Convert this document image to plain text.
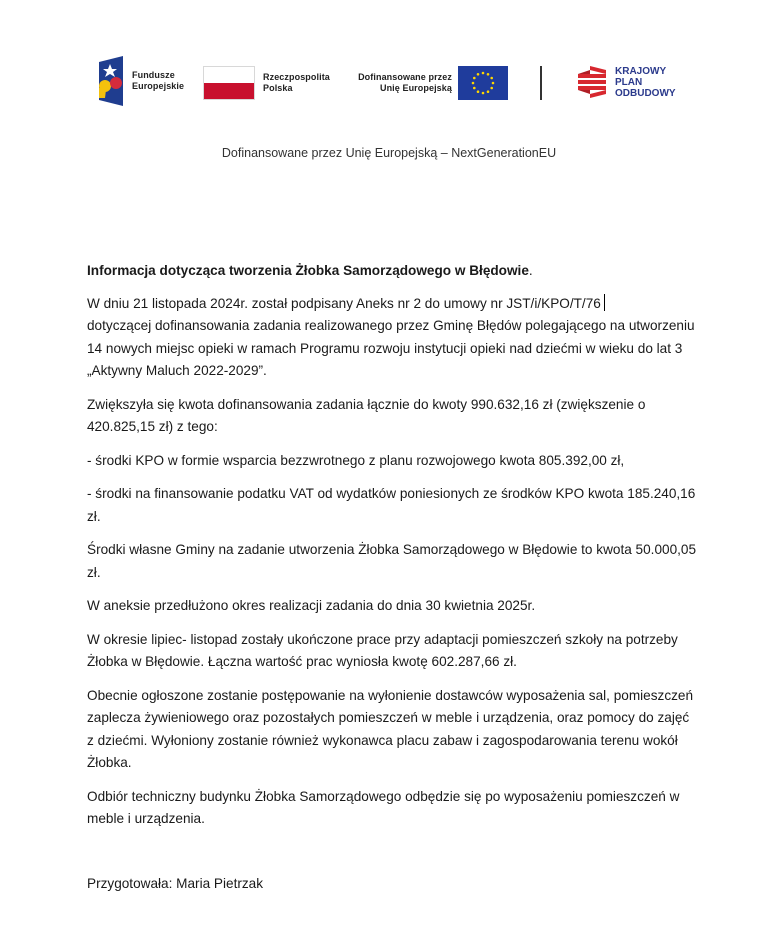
Fundusze
Europejskie
Rzeczpospolita
Polska
Dofinansowane przez
Unię Europejską
KRAJOWY
PLAN
ODBUDOWY
Dofinansowane przez Unię Europejską – NextGenerationEU

Informacja dotycząca tworzenia Żłobka Samorządowego w Błędowie.

W dniu 21 listopada 2024r. został podpisany Aneks nr 2 do umowy nr JST/i/KPO/T/76

dotyczącej dofinansowania zadania realizowanego przez Gminę Błędów polegającego na utworzeniu 14 nowych miejsc opieki w ramach Programu rozwoju instytucji opieki nad dziećmi w wieku do lat 3 „Aktywny Maluch 2022-2029”.

Zwiększyła się kwota dofinansowania zadania łącznie do kwoty 990.632,16 zł (zwiększenie o 420.825,15 zł) z tego:

- środki KPO w formie wsparcia bezzwrotnego z planu rozwojowego kwota 805.392,00 zł,

- środki na finansowanie podatku VAT od wydatków poniesionych ze środków KPO kwota 185.240,16 zł.

Środki własne Gminy na zadanie utworzenia Żłobka Samorządowego w Błędowie to kwota 50.000,05 zł.

W aneksie przedłużono okres realizacji zadania do dnia 30 kwietnia 2025r.

W okresie lipiec- listopad zostały ukończone prace przy adaptacji pomieszczeń szkoły na potrzeby Żłobka w Błędowie. Łączna wartość prac wyniosła kwotę 602.287,66 zł.

Obecnie ogłoszone zostanie postępowanie na wyłonienie dostawców wyposażenia sal, pomieszczeń zaplecza żywieniowego oraz pozostałych pomieszczeń w meble i urządzenia, oraz pomocy do zajęć z dziećmi. Wyłoniony zostanie również wykonawca placu zabaw i zagospodarowania terenu wokół Żłobka.

Odbiór techniczny budynku Żłobka Samorządowego odbędzie się po wyposażeniu pomieszczeń w meble i urządzenia.

Przygotowała: Maria Pietrzak
